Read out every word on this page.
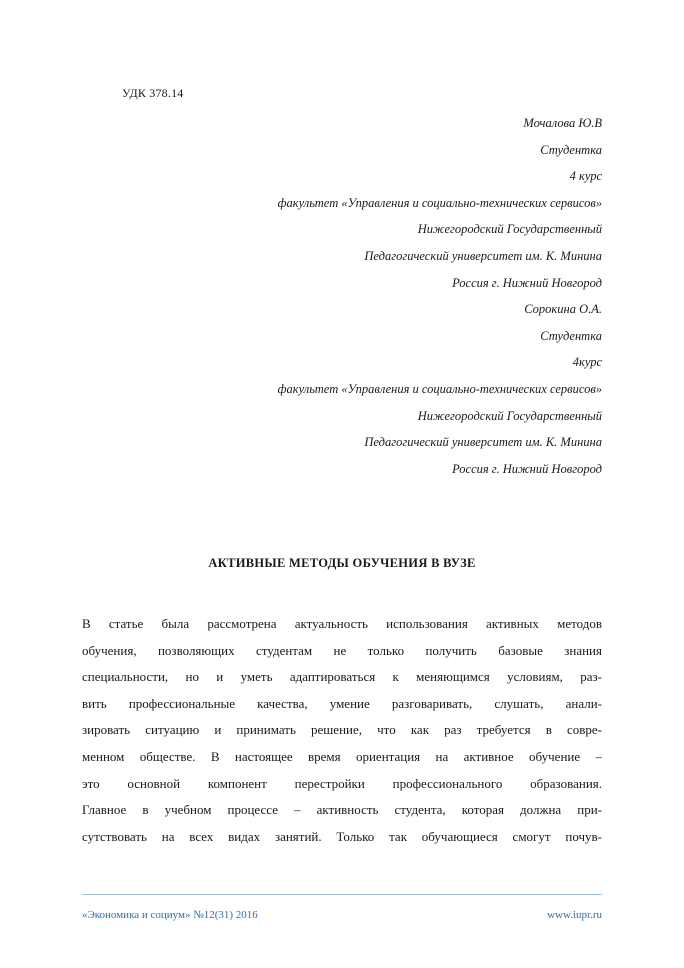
УДК 378.14
Мочалова Ю.В
Студентка
4 курс
факультет «Управления и социально-технических сервисов»
Нижегородский Государственный
Педагогический университет им. К. Минина
Россия г. Нижний Новгород
Сорокина О.А.
Студентка
4курс
факультет «Управления и социально-технических сервисов»
Нижегородский Государственный
Педагогический университет им. К. Минина
Россия г. Нижний Новгород
АКТИВНЫЕ МЕТОДЫ ОБУЧЕНИЯ В ВУЗЕ
В статье была рассмотрена актуальность использования активных методов
обучения, позволяющих студентам не только получить базовые знания
специальности, но и уметь адаптироваться к меняющимся условиям, раз-
вить профессиональные качества, умение разговаривать, слушать, анали-
зировать ситуацию и принимать решение, что как раз требуется в совре-
менном обществе. В настоящее время ориентация на активное обучение –
это основной компонент перестройки профессионального образования.
Главное в учебном процессе – активность студента, которая должна при-
сутствовать на всех видах занятий. Только так обучающиеся смогут почув-
«Экономика и социум» №12(31) 2016	www.iupr.ru
